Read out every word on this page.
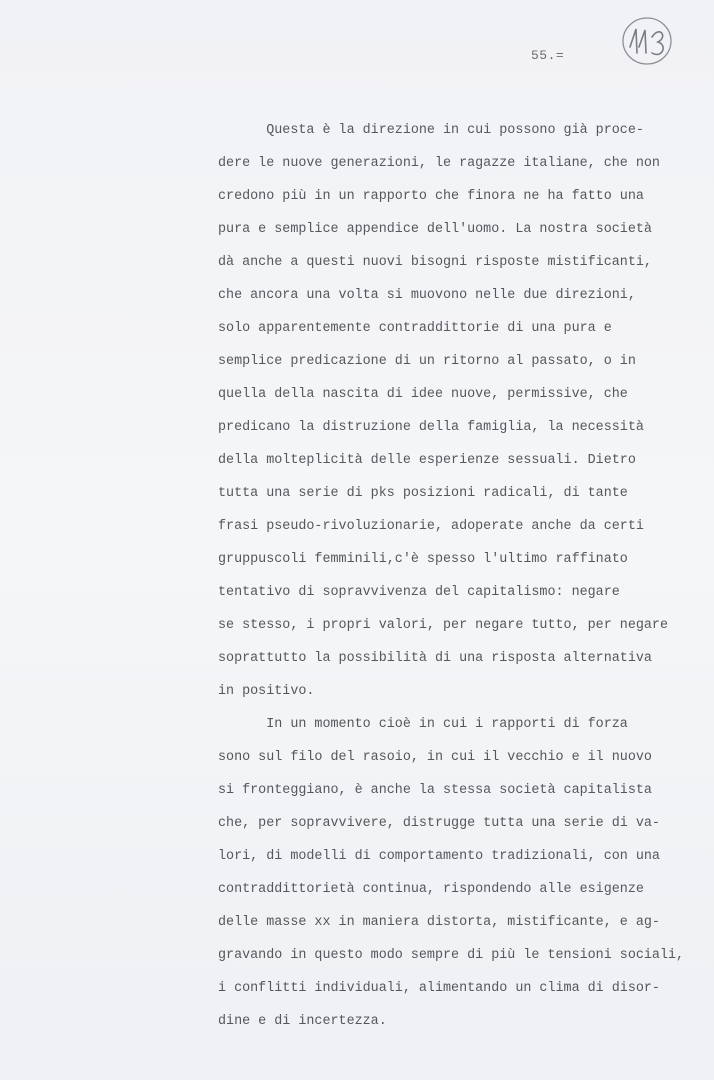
55.=
Questa è la direzione in cui possono già proce-
dere le nuove generazioni, le ragazze italiane, che non
credono più in un rapporto che finora ne ha fatto una
pura e semplice appendice dell'uomo. La nostra società
dà anche a questi nuovi bisogni risposte mistificanti,
che ancora una volta si muovono nelle due direzioni,
solo apparentemente contraddittorie di una pura e
semplice predicazione di un ritorno al passato, o in
quella della nascita di idee nuove, permissive, che
predicano la distruzione della famiglia, la necessità
della molteplicità delle esperienze sessuali. Dietro
tutta una serie di pks posizioni radicali, di tante
frasi pseudo-rivoluzionarie, adoperate anche da certi
gruppuscoli femminili,c'è spesso l'ultimo raffinato
tentativo di sopravvivenza del capitalismo: negare
se stesso, i propri valori, per negare tutto, per negare
soprattutto la possibilità di una risposta alternativa
in positivo.
In un momento cioè in cui i rapporti di forza
sono sul filo del rasoio, in cui il vecchio e il nuovo
si fronteggiano, è anche la stessa società capitalista
che, per sopravvivere, distrugge tutta una serie di va-
lori, di modelli di comportamento tradizionali, con una
contraddittorietà continua, rispondendo alle esigenze
delle masse xx in maniera distorta, mistificante, e ag-
gravando in questo modo sempre di più le tensioni sociali,
i conflitti individuali, alimentando un clima di disor-
dine e di incertezza.
